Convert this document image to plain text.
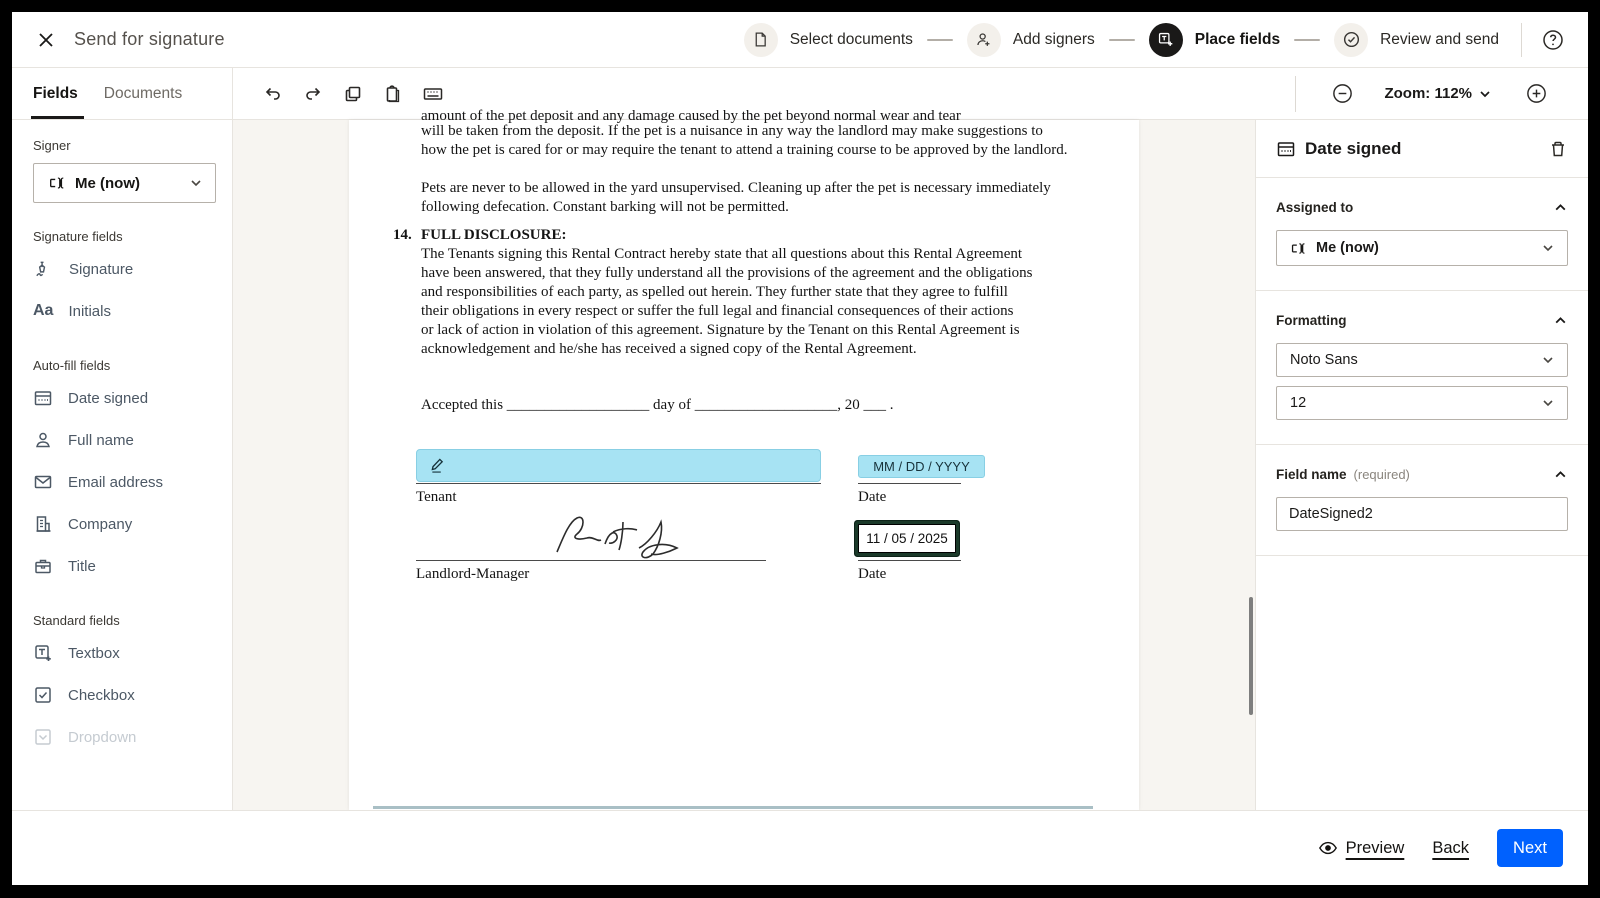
Send for signature	Select documents	Add signers	Place fields	Review and send
Fields Documents
Signer
Me (now)
Signature fields
Signature
Aa Initials
Auto-fill fields
Date signed
Full name
Email address
Company
Title
Standard fields
Textbox
Checkbox
Dropdown
Zoom: 112%
amount of the pet deposit and any damage caused by the pet beyond normal wear and tear
will be taken from the deposit. If the pet is a nuisance in any way the landlord may make suggestions to
how the pet is cared for or may require the tenant to attend a training course to be approved by the landlord.
Pets are never to be allowed in the yard unsupervised. Cleaning up after the pet is necessary immediately
following defecation. Constant barking will not be permitted.
14. FULL DISCLOSURE:
The Tenants signing this Rental Contract hereby state that all questions about this Rental Agreement
have been answered, that they fully understand all the provisions of the agreement and the obligations
and responsibilities of each party, as spelled out herein. They further state that they agree to fulfill
their obligations in every respect or suffer the full legal and financial consequences of their actions
or lack of action in violation of this agreement. Signature by the Tenant on this Rental Agreement is
acknowledgement and he/she has received a signed copy of the Rental Agreement.
Accepted this ___________________ day of ___________________, 20 ___ .
Tenant
MM / DD / YYYY
Date
Landlord-Manager
11 / 05 / 2025
Date
Date signed
Assigned to
Me (now)
Formatting
Noto Sans
12
Field name (required)
DateSigned2
Preview Back	Next
